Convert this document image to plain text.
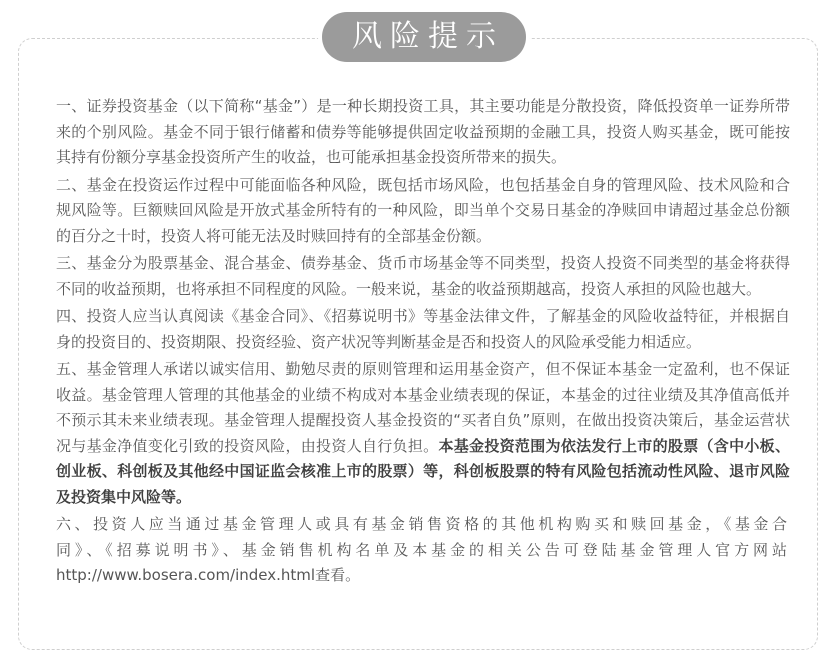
风险提示

一、证券投资基金（以下简称“基金”）是一种长期投资工具，其主要功能是分散投资，降低投资单一证券所带来的个别风险。基金不同于银行储蓄和债券等能够提供固定收益预期的金融工具，投资人购买基金，既可能按其持有份额分享基金投资所产生的收益，也可能承担基金投资所带来的损失。

二、基金在投资运作过程中可能面临各种风险，既包括市场风险，也包括基金自身的管理风险、技术风险和合规风险等。巨额赎回风险是开放式基金所特有的一种风险，即当单个交易日基金的净赎回申请超过基金总份额的百分之十时，投资人将可能无法及时赎回持有的全部基金份额。

三、基金分为股票基金、混合基金、债券基金、货币市场基金等不同类型，投资人投资不同类型的基金将获得不同的收益预期，也将承担不同程度的风险。一般来说，基金的收益预期越高，投资人承担的风险也越大。

四、投资人应当认真阅读《基金合同》、《招募说明书》等基金法律文件，了解基金的风险收益特征，并根据自身的投资目的、投资期限、投资经验、资产状况等判断基金是否和投资人的风险承受能力相适应。

五、基金管理人承诺以诚实信用、勤勉尽责的原则管理和运用基金资产，但不保证本基金一定盈利，也不保证收益。基金管理人管理的其他基金的业绩不构成对本基金业绩表现的保证，本基金的过往业绩及其净值高低并不预示其未来业绩表现。基金管理人提醒投资人基金投资的“买者自负”原则，在做出投资决策后，基金运营状况与基金净值变化引致的投资风险，由投资人自行负担。本基金投资范围为依法发行上市的股票（含中小板、创业板、科创板及其他经中国证监会核准上市的股票）等，科创板股票的特有风险包括流动性风险、退市风险及投资集中风险等。

六、投资人应当通过基金管理人或具有基金销售资格的其他机构购买和赎回基金，《基金合同》、《招募说明书》、基金销售机构名单及本基金的相关公告可登陆基金管理人官方网站http://www.bosera.com/index.html查看。
